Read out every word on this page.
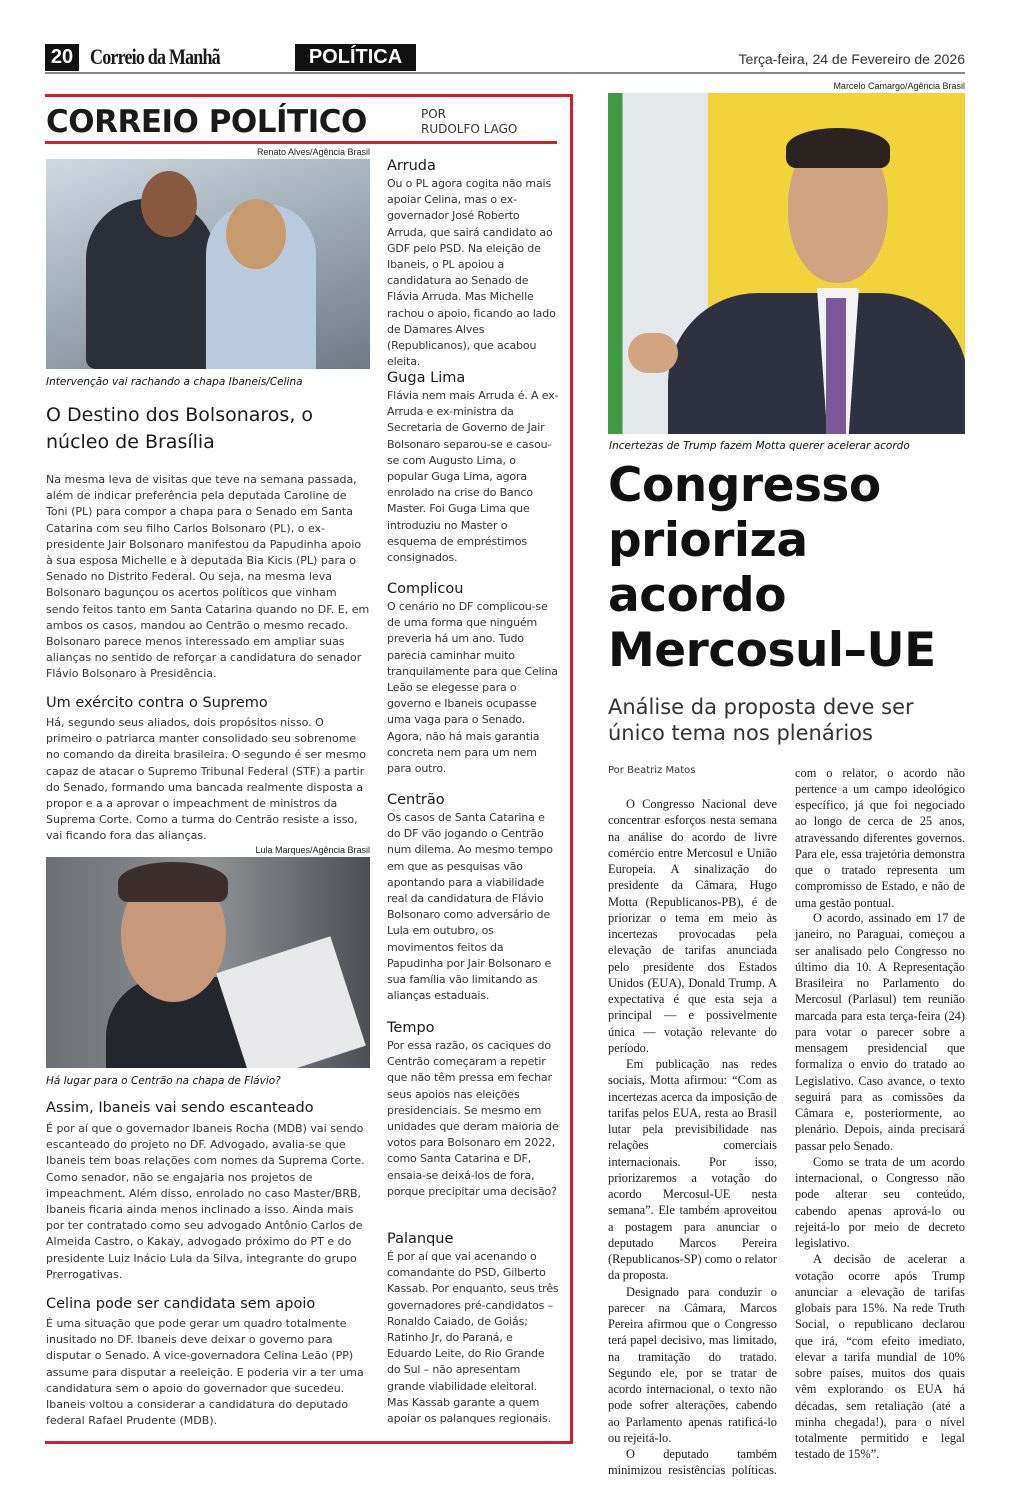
20 Correio da Manhã	POLÍTICA	Terça-feira, 24 de Fevereiro de 2026
CORREIO POLÍTICO	POR
RUDOLFO LAGO
Renato Alves/Agência Brasil
Intervenção vai rachando a chapa Ibaneis/Celina
O Destino dos Bolsonaros, o núcleo de Brasília
Na mesma leva de visitas que teve na semana passada, além de indicar preferência pela deputada Caroline de Toni (PL) para compor a chapa para o Senado em Santa Catarina com seu filho Carlos Bolsonaro (PL), o ex-presidente Jair Bolsonaro manifestou da Papudinha apoio à sua esposa Michelle e à deputada Bia Kicis (PL) para o Senado no Distrito Federal. Ou seja, na mesma leva Bolsonaro bagunçou os acertos políticos que vinham sendo feitos tanto em Santa Catarina quando no DF. E, em ambos os casos, mandou ao Centrão o mesmo recado. Bolsonaro parece menos interessado em ampliar suas alianças no sentido de reforçar a candidatura do senador Flávio Bolsonaro à Presidência.
Um exército contra o Supremo
Há, segundo seus aliados, dois propósitos nisso. O primeiro o patriarca manter consolidado seu sobrenome no comando da direita brasileira. O segundo é ser mesmo capaz de atacar o Supremo Tribunal Federal (STF) a partir do Senado, formando uma bancada realmente disposta a propor e a a aprovar o impeachment de ministros da Suprema Corte. Como a turma do Centrão resiste a isso, vai ficando fora das alianças.
Lula Marques/Agência Brasil
Há lugar para o Centrão na chapa de Flávio?
Assim, Ibaneis vai sendo escanteado
É por aí que o governador Ibaneis Rocha (MDB) vai sendo escanteado do projeto no DF. Advogado, avalia-se que Ibaneis tem boas relações com nomes da Suprema Corte. Como senador, não se engajaria nos projetos de impeachment. Além disso, enrolado no caso Master/BRB, Ibaneis ficaria ainda menos inclinado a isso. Ainda mais por ter contratado como seu advogado Antônio Carlos de Almeida Castro, o Kakay, advogado próximo do PT e do presidente Luiz Inácio Lula da Silva, integrante do grupo Prerrogativas.
Celina pode ser candidata sem apoio
É uma situação que pode gerar um quadro totalmente inusitado no DF. Ibaneis deve deixar o governo para disputar o Senado. A vice-governadora Celina Leão (PP) assume para disputar a reeleição. E poderia vir a ter uma candidatura sem o apoio do governador que sucedeu. Ibaneis voltou a considerar a candidatura do deputado federal Rafael Prudente (MDB).
Arruda
Ou o PL agora cogita não mais apoiar Celina, mas o ex-governador José Roberto Arruda, que sairá candidato ao GDF pelo PSD. Na eleição de Ibaneis, o PL apoiou a candidatura ao Senado de Flávia Arruda. Mas Michelle rachou o apoio, ficando ao lado de Damares Alves (Republicanos), que acabou eleita.
Guga Lima
Flávia nem mais Arruda é. A ex-Arruda e ex-ministra da Secretaria de Governo de Jair Bolsonaro separou-se e casou-se com Augusto Lima, o popular Guga Lima, agora enrolado na crise do Banco Master. Foi Guga Lima que introduziu no Master o esquema de empréstimos consignados.
Complicou
O cenário no DF complicou-se de uma forma que ninguém preveria há um ano. Tudo parecia caminhar muito tranquilamente para que Celina Leão se elegesse para o governo e Ibaneis ocupasse uma vaga para o Senado. Agora, não há mais garantia concreta nem para um nem para outro.
Centrão
Os casos de Santa Catarina e do DF vão jogando o Centrão num dilema. Ao mesmo tempo em que as pesquisas vão apontando para a viabilidade real da candidatura de Flávio Bolsonaro como adversário de Lula em outubro, os movimentos feitos da Papudinha por Jair Bolsonaro e sua família vão limitando as alianças estaduais.
Tempo
Por essa razão, os caciques do Centrão começaram a repetir que não têm pressa em fechar seus apoios nas eleições presidenciais. Se mesmo em unidades que deram maioria de votos para Bolsonaro em 2022, como Santa Catarina e DF, ensaia-se deixá-los de fora, porque precipitar uma decisão?
Palanque
É por aí que vai acenando o comandante do PSD, Gilberto Kassab. Por enquanto, seus três governadores pré-candidatos – Ronaldo Caiado, de Goiás; Ratinho Jr, do Paraná, e Eduardo Leite, do Rio Grande do Sul – não apresentam grande viabilidade eleitoral. Mas Kassab garante a quem apoiar os palanques regionais.
Marcelo Camargo/Agência Brasil
Incertezas de Trump fazem Motta querer acelerar acordo
Congresso prioriza acordo Mercosul–UE
Análise da proposta deve ser único tema nos plenários
Por Beatriz Matos

O Congresso Nacional deve concentrar esforços nesta semana na análise do acordo de livre comércio entre Mercosul e União Europeia. A sinalização do presidente da Câmara, Hugo Motta (Republicanos-PB), é de priorizar o tema em meio às incertezas provocadas pela elevação de tarifas anunciada pelo presidente dos Estados Unidos (EUA), Donald Trump. A expectativa é que esta seja a principal — e possivelmente única — votação relevante do período.

Em publicação nas redes sociais, Motta afirmou: “Com as incertezas acerca da imposição de tarifas pelos EUA, resta ao Brasil lutar pela previsibilidade nas relações comerciais internacionais. Por isso, priorizaremos a votação do acordo Mercosul-UE nesta semana”. Ele também aproveitou a postagem para anunciar o deputado Marcos Pereira (Republicanos-SP) como o relator da proposta.

Designado para conduzir o parecer na Câmara, Marcos Pereira afirmou que o Congresso terá papel decisivo, mas limitado, na tramitação do tratado. Segundo ele, por se tratar de acordo internacional, o texto não pode sofrer alterações, cabendo ao Parlamento apenas ratificá-lo ou rejeitá-lo.

O deputado também minimizou resistências políticas.

com o relator, o acordo não pertence a um campo ideológico específico, já que foi negociado ao longo de cerca de 25 anos, atravessando diferentes governos. Para ele, essa trajetória demonstra que o tratado representa um compromisso de Estado, e não de uma gestão pontual.

O acordo, assinado em 17 de janeiro, no Paraguai, começou a ser analisado pelo Congresso no último dia 10. A Representação Brasileira no Parlamento do Mercosul (Parlasul) tem reunião marcada para esta terça-feira (24) para votar o parecer sobre a mensagem presidencial que formaliza o envio do tratado ao Legislativo. Caso avance, o texto seguirá para as comissões da Câmara e, posteriormente, ao plenário. Depois, ainda precisará passar pelo Senado.

Como se trata de um acordo internacional, o Congresso não pode alterar seu conteúdo, cabendo apenas aprová-lo ou rejeitá-lo por meio de decreto legislativo.

A decisão de acelerar a votação ocorre após Trump anunciar a elevação de tarifas globais para 15%. Na rede Truth Social, o republicano declarou que irá, “com efeito imediato, elevar a tarifa mundial de 10% sobre países, muitos dos quais vêm explorando os EUA há décadas, sem retaliação (até a minha chegada!), para o nível totalmente permitido e legal testado de 15%”.
